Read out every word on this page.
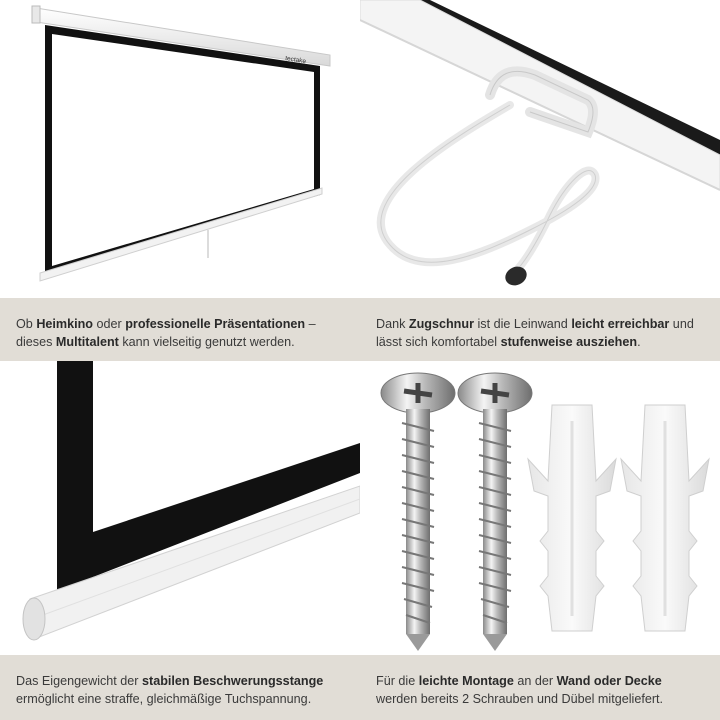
tectake
Ob Heimkino oder professionelle Präsentationen – dieses Multitalent kann vielseitig genutzt werden.
Dank Zugschnur ist die Leinwand leicht erreichbar und lässt sich komfortabel stufenweise ausziehen.
Das Eigengewicht der stabilen Beschwerungsstange ermöglicht eine straffe, gleichmäßige Tuchspannung.
Für die leichte Montage an der Wand oder Decke werden bereits 2 Schrauben und Dübel mitgeliefert.
